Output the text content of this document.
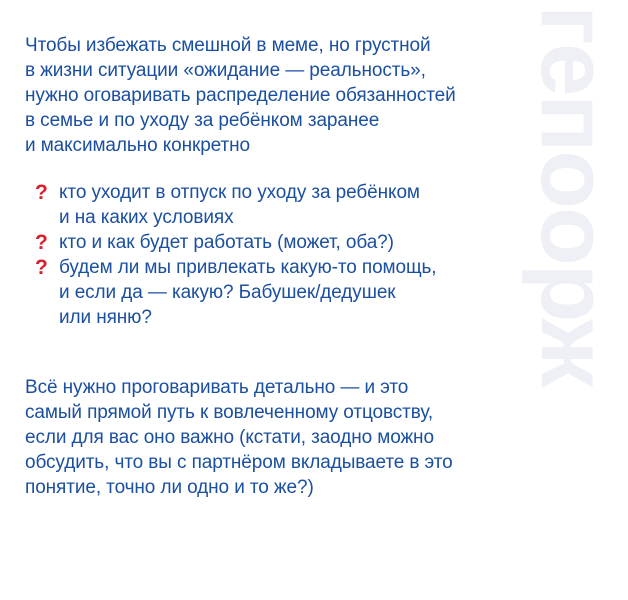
гепоорж

Чтобы избежать смешной в меме, но грустной
в жизни ситуации «ожидание — реальность»,
нужно оговаривать распределение обязанностей
в семье и по уходу за ребёнком заранее
и максимально конкретно

? кто уходит в отпуск по уходу за ребёнком
и на каких условиях
? кто и как будет работать (может, оба?)
? будем ли мы привлекать какую-то помощь,
и если да — какую? Бабушек/дедушек
или няню?

Всё нужно проговаривать детально — и это
самый прямой путь к вовлеченному отцовству,
если для вас оно важно (кстати, заодно можно
обсудить, что вы с партнёром вкладываете в это
понятие, точно ли одно и то же?)
